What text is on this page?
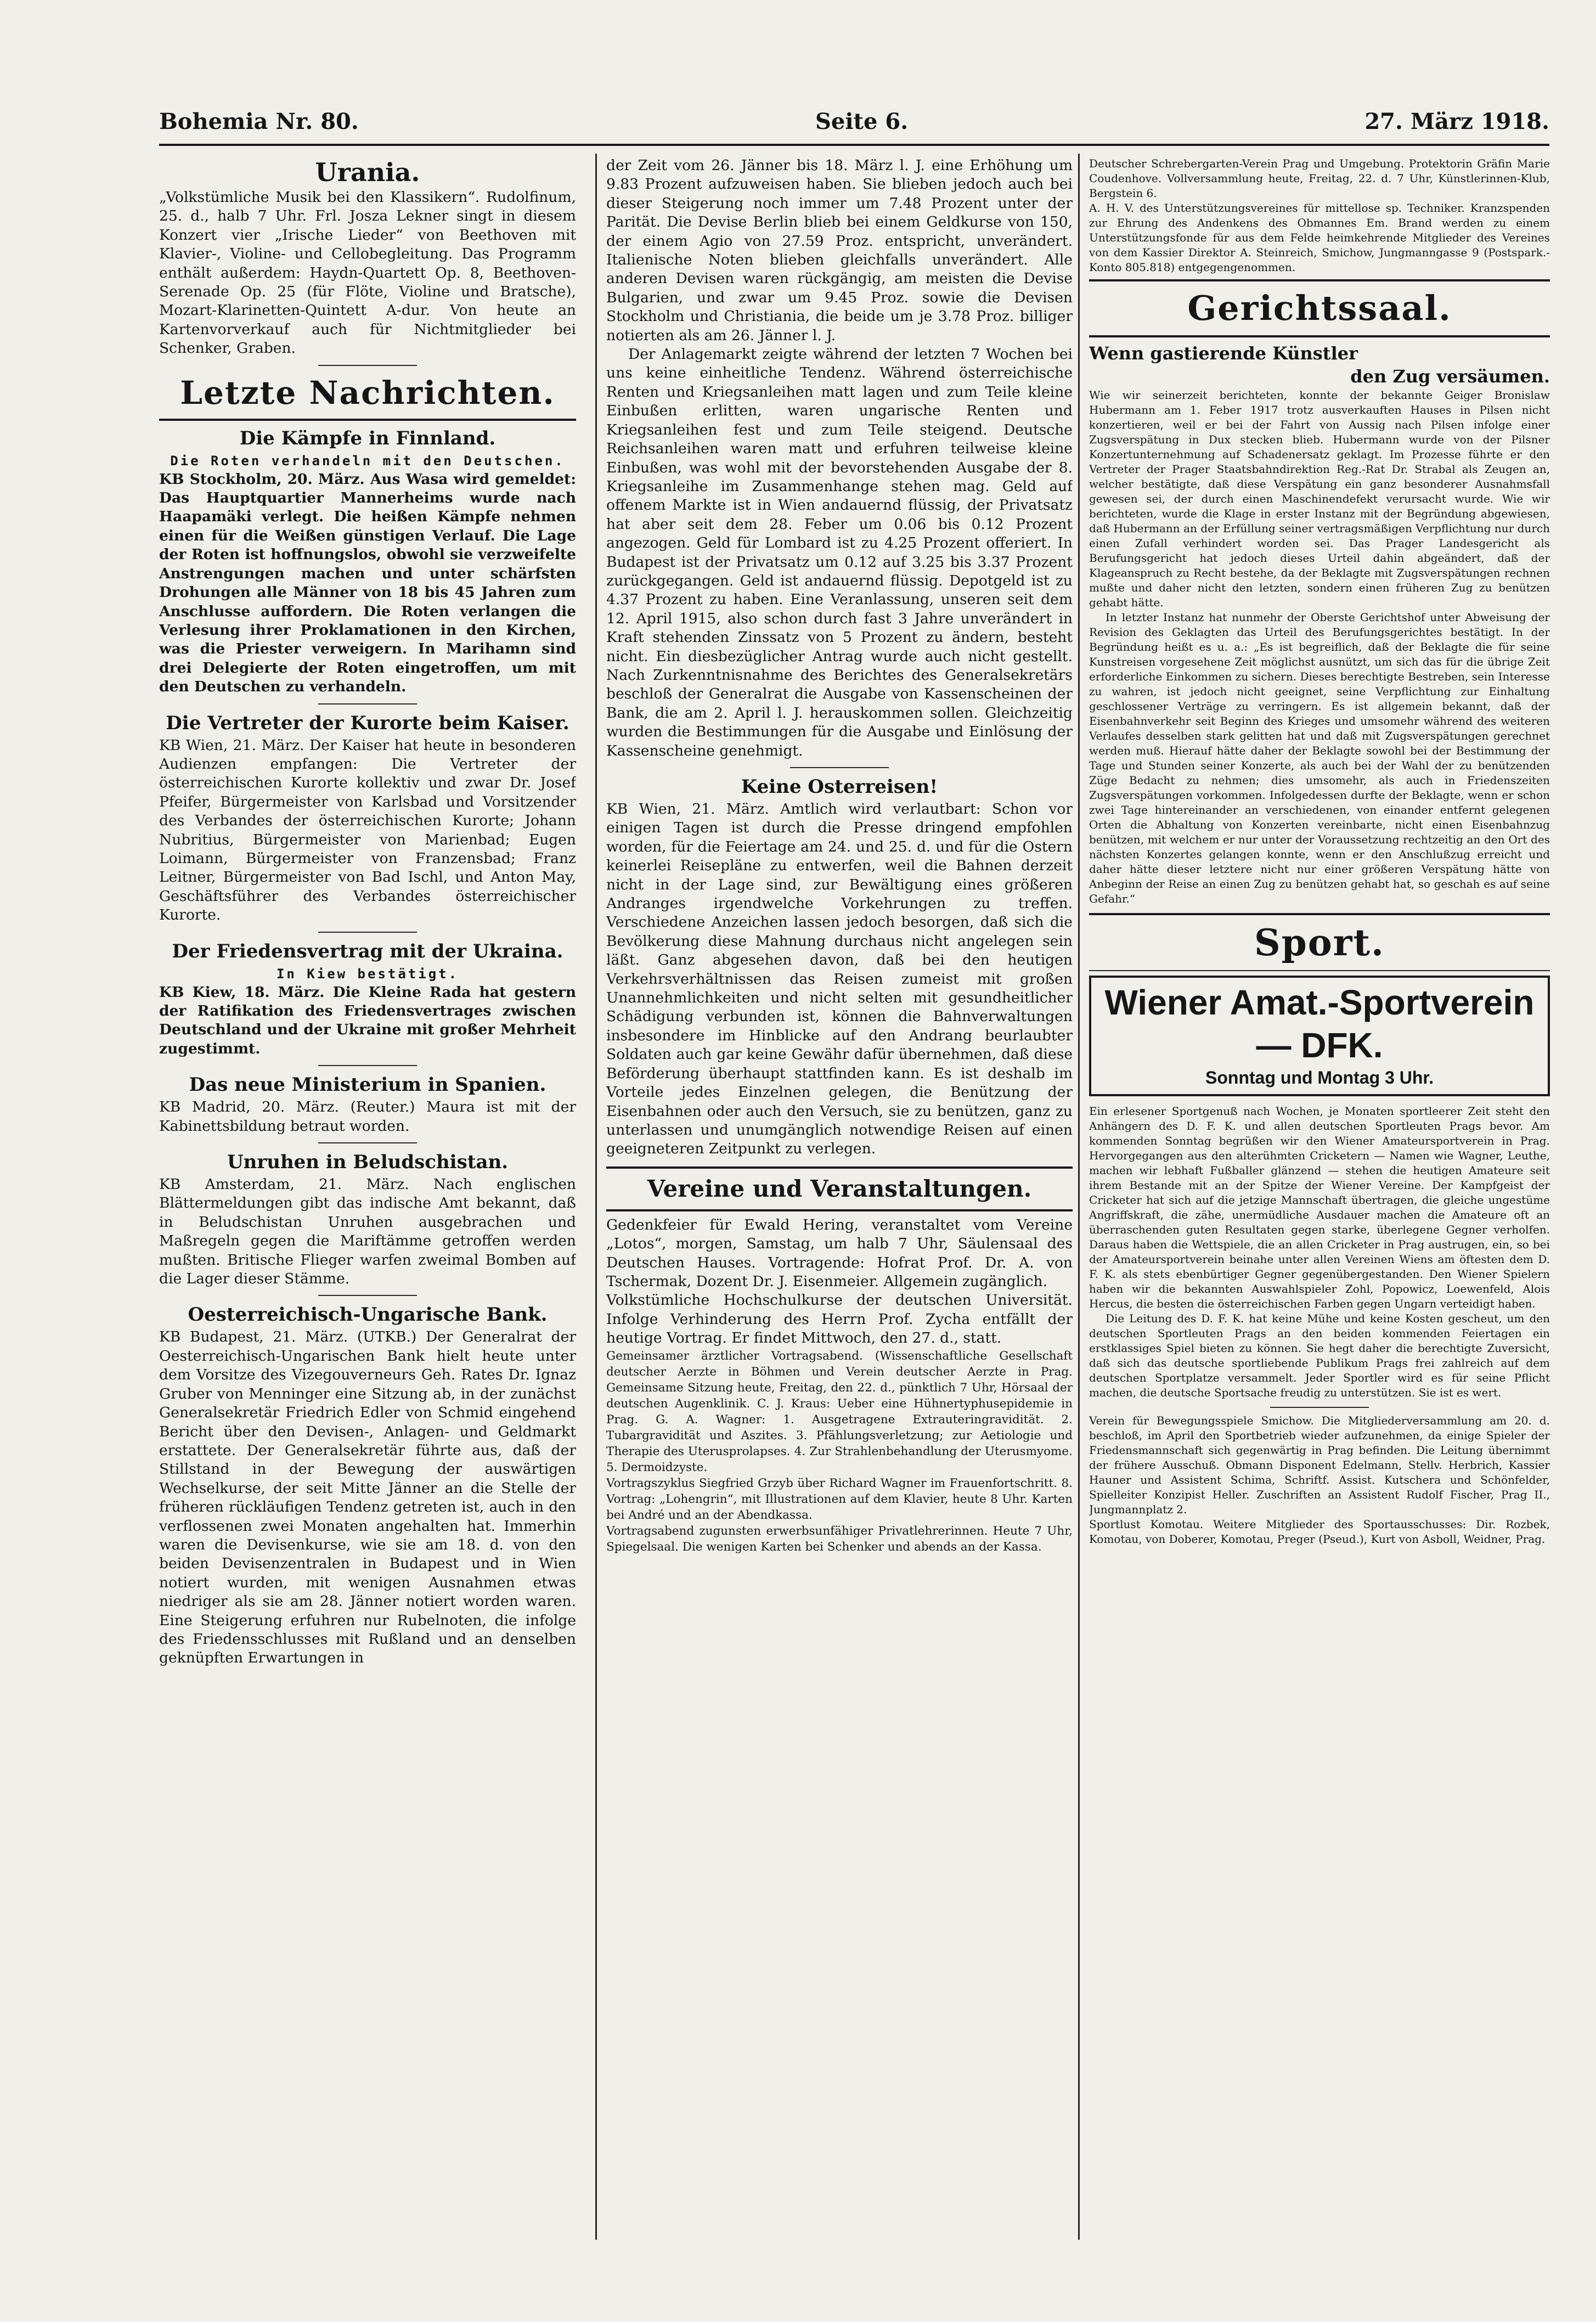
Bohemia Nr. 80.	Seite 6.	27. März 1918.
Urania.

„Volkstümliche Musik bei den Klassikern“. Rudolfinum, 25. d., halb 7 Uhr. Frl. Josza Lekner singt in diesem Konzert vier „Irische Lieder“ von Beethoven mit Klavier-, Violine- und Cellobegleitung. Das Programm enthält außerdem: Haydn-Quartett Op. 8, Beethoven-Serenade Op. 25 (für Flöte, Violine und Bratsche), Mozart-Klarinetten-Quintett A-dur. Von heute an Kartenvorverkauf auch für Nichtmitglieder bei Schenker, Graben.

Letzte Nachrichten.
Die Kämpfe in Finnland.
Die Roten verhandeln mit den Deutschen.

KB Stockholm, 20. März. Aus Wasa wird gemeldet: Das Hauptquartier Mannerheims wurde nach Haapamäki verlegt. Die heißen Kämpfe nehmen einen für die Weißen günstigen Verlauf. Die Lage der Roten ist hoffnungslos, obwohl sie verzweifelte Anstrengungen machen und unter schärfsten Drohungen alle Männer von 18 bis 45 Jahren zum Anschlusse auffordern. Die Roten verlangen die Verlesung ihrer Proklamationen in den Kirchen, was die Priester verweigern. In Marihamn sind drei Delegierte der Roten eingetroffen, um mit den Deutschen zu verhandeln.

Die Vertreter der Kurorte beim Kaiser.

KB Wien, 21. März. Der Kaiser hat heute in besonderen Audienzen empfangen: Die Vertreter der österreichischen Kurorte kollektiv und zwar Dr. Josef Pfeifer, Bürgermeister von Karlsbad und Vorsitzender des Verbandes der österreichischen Kurorte; Johann Nubritius, Bürgermeister von Marienbad; Eugen Loimann, Bürgermeister von Franzensbad; Franz Leitner, Bürgermeister von Bad Ischl, und Anton May, Geschäftsführer des Verbandes österreichischer Kurorte.

Der Friedensvertrag mit der Ukraina.
In Kiew bestätigt.

KB Kiew, 18. März. Die Kleine Rada hat gestern der Ratifikation des Friedensvertrages zwischen Deutschland und der Ukraine mit großer Mehrheit zugestimmt.

Das neue Ministerium in Spanien.

KB Madrid, 20. März. (Reuter.) Maura ist mit der Kabinettsbildung betraut worden.

Unruhen in Beludschistan.

KB Amsterdam, 21. März. Nach englischen Blättermeldungen gibt das indische Amt bekannt, daß in Beludschistan Unruhen ausgebrachen und Maßregeln gegen die Mariftämme getroffen werden mußten. Britische Flieger warfen zweimal Bomben auf die Lager dieser Stämme.

Oesterreichisch-Ungarische Bank.

KB Budapest, 21. März. (UTKB.) Der Generalrat der Oesterreichisch-Ungarischen Bank hielt heute unter dem Vorsitze des Vizegouverneurs Geh. Rates Dr. Ignaz Gruber von Menninger eine Sitzung ab, in der zunächst Generalsekretär Friedrich Edler von Schmid eingehend Bericht über den Devisen-, Anlagen- und Geldmarkt erstattete. Der Generalsekretär führte aus, daß der Stillstand in der Bewegung der auswärtigen Wechselkurse, der seit Mitte Jänner an die Stelle der früheren rückläufigen Tendenz getreten ist, auch in den verflossenen zwei Monaten angehalten hat. Immerhin waren die Devisenkurse, wie sie am 18. d. von den beiden Devisenzentralen in Budapest und in Wien notiert wurden, mit wenigen Ausnahmen etwas niedriger als sie am 28. Jänner notiert worden waren. Eine Steigerung erfuhren nur Rubelnoten, die infolge des Friedensschlusses mit Rußland und an denselben geknüpften Erwartungen in

der Zeit vom 26. Jänner bis 18. März l. J. eine Erhöhung um 9.83 Prozent aufzuweisen haben. Sie blieben jedoch auch bei dieser Steigerung noch immer um 7.48 Prozent unter der Parität. Die Devise Berlin blieb bei einem Geldkurse von 150, der einem Agio von 27.59 Proz. entspricht, unverändert. Italienische Noten blieben gleichfalls unverändert. Alle anderen Devisen waren rückgängig, am meisten die Devise Bulgarien, und zwar um 9.45 Proz. sowie die Devisen Stockholm und Christiania, die beide um je 3.78 Proz. billiger notierten als am 26. Jänner l. J.

Der Anlagemarkt zeigte während der letzten 7 Wochen bei uns keine einheitliche Tendenz. Während österreichische Renten und Kriegsanleihen matt lagen und zum Teile kleine Einbußen erlitten, waren ungarische Renten und Kriegsanleihen fest und zum Teile steigend. Deutsche Reichsanleihen waren matt und erfuhren teilweise kleine Einbußen, was wohl mit der bevorstehenden Ausgabe der 8. Kriegsanleihe im Zusammenhange stehen mag. Geld auf offenem Markte ist in Wien andauernd flüssig, der Privatsatz hat aber seit dem 28. Feber um 0.06 bis 0.12 Prozent angezogen. Geld für Lombard ist zu 4.25 Prozent offeriert. In Budapest ist der Privatsatz um 0.12 auf 3.25 bis 3.37 Prozent zurückgegangen. Geld ist andauernd flüssig. Depotgeld ist zu 4.37 Prozent zu haben. Eine Veranlassung, unseren seit dem 12. April 1915, also schon durch fast 3 Jahre unverändert in Kraft stehenden Zinssatz von 5 Prozent zu ändern, besteht nicht. Ein diesbezüglicher Antrag wurde auch nicht gestellt. Nach Zurkenntnisnahme des Berichtes des Generalsekretärs beschloß der Generalrat die Ausgabe von Kassenscheinen der Bank, die am 2. April l. J. herauskommen sollen. Gleichzeitig wurden die Bestimmungen für die Ausgabe und Einlösung der Kassenscheine genehmigt.

Keine Osterreisen!

KB Wien, 21. März. Amtlich wird verlautbart: Schon vor einigen Tagen ist durch die Presse dringend empfohlen worden, für die Feiertage am 24. und 25. d. und für die Ostern keinerlei Reisepläne zu entwerfen, weil die Bahnen derzeit nicht in der Lage sind, zur Bewältigung eines größeren Andranges irgendwelche Vorkehrungen zu treffen. Verschiedene Anzeichen lassen jedoch besorgen, daß sich die Bevölkerung diese Mahnung durchaus nicht angelegen sein läßt. Ganz abgesehen davon, daß bei den heutigen Verkehrsverhältnissen das Reisen zumeist mit großen Unannehmlichkeiten und nicht selten mit gesundheitlicher Schädigung verbunden ist, können die Bahnverwaltungen insbesondere im Hinblicke auf den Andrang beurlaubter Soldaten auch gar keine Gewähr dafür übernehmen, daß diese Beförderung überhaupt stattfinden kann. Es ist deshalb im Vorteile jedes Einzelnen gelegen, die Benützung der Eisenbahnen oder auch den Versuch, sie zu benützen, ganz zu unterlassen und unumgänglich notwendige Reisen auf einen geeigneteren Zeitpunkt zu verlegen.

Vereine und Veranstaltungen.

Gedenkfeier für Ewald Hering, veranstaltet vom Vereine „Lotos“, morgen, Samstag, um halb 7 Uhr, Säulensaal des Deutschen Hauses. Vortragende: Hofrat Prof. Dr. A. von Tschermak, Dozent Dr. J. Eisenmeier. Allgemein zugänglich.

Volkstümliche Hochschulkurse der deutschen Universität. Infolge Verhinderung des Herrn Prof. Zycha entfällt der heutige Vortrag. Er findet Mittwoch, den 27. d., statt.

Gemeinsamer ärztlicher Vortragsabend. (Wissenschaftliche Gesellschaft deutscher Aerzte in Böhmen und Verein deutscher Aerzte in Prag. Gemeinsame Sitzung heute, Freitag, den 22. d., pünktlich 7 Uhr, Hörsaal der deutschen Augenklinik. C. J. Kraus: Ueber eine Hühnertyphusepidemie in Prag. G. A. Wagner: 1. Ausgetragene Extrauteringravidität. 2. Tubargravidität und Aszites. 3. Pfählungsverletzung; zur Aetiologie und Therapie des Uterusprolapses. 4. Zur Strahlenbehandlung der Uterusmyome. 5. Dermoidzyste.

Vortragszyklus Siegfried Grzyb über Richard Wagner im Frauenfortschritt. 8. Vortrag: „Lohengrin“, mit Illustrationen auf dem Klavier, heute 8 Uhr. Karten bei André und an der Abendkassa.

Vortragsabend zugunsten erwerbsunfähiger Privatlehrerinnen. Heute 7 Uhr, Spiegelsaal. Die wenigen Karten bei Schenker und abends an der Kassa.

Deutscher Schrebergarten-Verein Prag und Umgebung. Protektorin Gräfin Marie Coudenhove. Vollversammlung heute, Freitag, 22. d. 7 Uhr, Künstlerinnen-Klub, Bergstein 6.

A. H. V. des Unterstützungsvereines für mittellose sp. Techniker. Kranzspenden zur Ehrung des Andenkens des Obmannes Em. Brand werden zu einem Unterstützungsfonde für aus dem Felde heimkehrende Mitglieder des Vereines von dem Kassier Direktor A. Steinreich, Smichow, Jungmanngasse 9 (Postspark.-Konto 805.818) entgegengenommen.

Gerichtssaal.
Wenn gastierende Künstler
den Zug versäumen.

Wie wir seinerzeit berichteten, konnte der bekannte Geiger Bronislaw Hubermann am 1. Feber 1917 trotz ausverkauften Hauses in Pilsen nicht konzertieren, weil er bei der Fahrt von Aussig nach Pilsen infolge einer Zugsverspätung in Dux stecken blieb. Hubermann wurde von der Pilsner Konzertunternehmung auf Schadenersatz geklagt. Im Prozesse führte er den Vertreter der Prager Staatsbahndirektion Reg.-Rat Dr. Strabal als Zeugen an, welcher bestätigte, daß diese Verspätung ein ganz besonderer Ausnahmsfall gewesen sei, der durch einen Maschinendefekt verursacht wurde. Wie wir berichteten, wurde die Klage in erster Instanz mit der Begründung abgewiesen, daß Hubermann an der Erfüllung seiner vertragsmäßigen Verpflichtung nur durch einen Zufall verhindert worden sei. Das Prager Landesgericht als Berufungsgericht hat jedoch dieses Urteil dahin abgeändert, daß der Klageanspruch zu Recht bestehe, da der Beklagte mit Zugsverspätungen rechnen mußte und daher nicht den letzten, sondern einen früheren Zug zu benützen gehabt hätte.

In letzter Instanz hat nunmehr der Oberste Gerichtshof unter Abweisung der Revision des Geklagten das Urteil des Berufungsgerichtes bestätigt. In der Begründung heißt es u. a.: „Es ist begreiflich, daß der Beklagte die für seine Kunstreisen vorgesehene Zeit möglichst ausnützt, um sich das für die übrige Zeit erforderliche Einkommen zu sichern. Dieses berechtigte Bestreben, sein Interesse zu wahren, ist jedoch nicht geeignet, seine Verpflichtung zur Einhaltung geschlossener Verträge zu verringern. Es ist allgemein bekannt, daß der Eisenbahnverkehr seit Beginn des Krieges und umsomehr während des weiteren Verlaufes desselben stark gelitten hat und daß mit Zugsverspätungen gerechnet werden muß. Hierauf hätte daher der Beklagte sowohl bei der Bestimmung der Tage und Stunden seiner Konzerte, als auch bei der Wahl der zu benützenden Züge Bedacht zu nehmen; dies umsomehr, als auch in Friedenszeiten Zugsverspätungen vorkommen. Infolgedessen durfte der Beklagte, wenn er schon zwei Tage hintereinander an verschiedenen, von einander entfernt gelegenen Orten die Abhaltung von Konzerten vereinbarte, nicht einen Eisenbahnzug benützen, mit welchem er nur unter der Voraussetzung rechtzeitig an den Ort des nächsten Konzertes gelangen konnte, wenn er den Anschlußzug erreicht und daher hätte dieser letztere nicht nur einer größeren Verspätung hätte von Anbeginn der Reise an einen Zug zu benützen gehabt hat, so geschah es auf seine Gefahr.“

Sport.
Wiener Amat.-Sportverein — DFK.
Sonntag und Montag 3 Uhr.

Ein erlesener Sportgenuß nach Wochen, je Monaten sportleerer Zeit steht den Anhängern des D. F. K. und allen deutschen Sportleuten Prags bevor. Am kommenden Sonntag begrüßen wir den Wiener Amateursportverein in Prag. Hervorgegangen aus den alterühmten Cricketern — Namen wie Wagner, Leuthe, machen wir lebhaft Fußballer glänzend — stehen die heutigen Amateure seit ihrem Bestande mit an der Spitze der Wiener Vereine. Der Kampfgeist der Cricketer hat sich auf die jetzige Mannschaft übertragen, die gleiche ungestüme Angriffskraft, die zähe, unermüdliche Ausdauer machen die Amateure oft an überraschenden guten Resultaten gegen starke, überlegene Gegner verholfen. Daraus haben die Wettspiele, die an allen Cricketer in Prag austrugen, ein, so bei der Amateursportverein beinahe unter allen Vereinen Wiens am öftesten dem D. F. K. als stets ebenbürtiger Gegner gegenübergestanden. Den Wiener Spielern haben wir die bekannten Auswahlspieler Zohl, Popowicz, Loewenfeld, Alois Hercus, die besten die österreichischen Farben gegen Ungarn verteidigt haben.

Die Leitung des D. F. K. hat keine Mühe und keine Kosten gescheut, um den deutschen Sportleuten Prags an den beiden kommenden Feiertagen ein erstklassiges Spiel bieten zu können. Sie hegt daher die berechtigte Zuversicht, daß sich das deutsche sportliebende Publikum Prags frei zahlreich auf dem deutschen Sportplatze versammelt. Jeder Sportler wird es für seine Pflicht machen, die deutsche Sportsache freudig zu unterstützen. Sie ist es wert.

Verein für Bewegungsspiele Smichow. Die Mitgliederversammlung am 20. d. beschloß, im April den Sportbetrieb wieder aufzunehmen, da einige Spieler der Friedensmannschaft sich gegenwärtig in Prag befinden. Die Leitung übernimmt der frühere Ausschuß. Obmann Disponent Edelmann, Stellv. Herbrich, Kassier Hauner und Assistent Schima, Schriftf. Assist. Kutschera und Schönfelder, Spielleiter Konzipist Heller. Zuschriften an Assistent Rudolf Fischer, Prag II., Jungmannplatz 2.

Sportlust Komotau. Weitere Mitglieder des Sportausschusses: Dir. Rozbek, Komotau, von Doberer, Komotau, Preger (Pseud.), Kurt von Asboll, Weidner, Prag.
